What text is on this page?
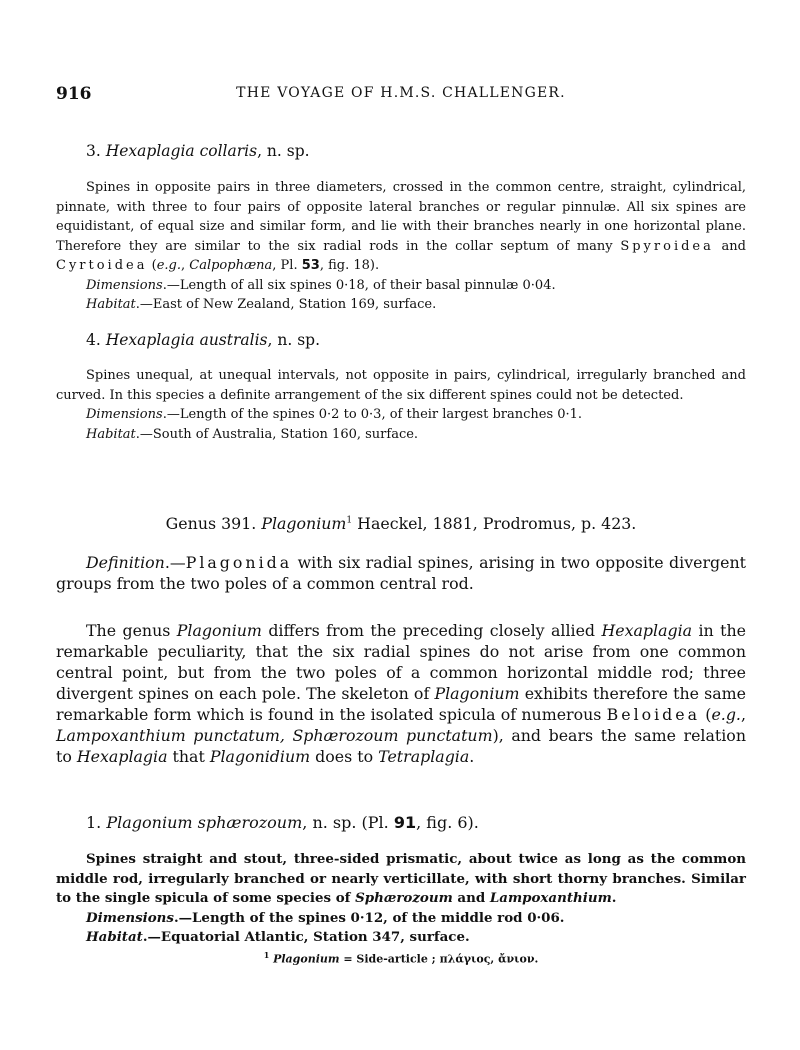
916	THE VOYAGE OF H.M.S. CHALLENGER.
3. Hexaplagia collaris, n. sp.

Spines in opposite pairs in three diameters, crossed in the common centre, straight, cylindrical, pinnate, with three to four pairs of opposite lateral branches or regular pinnulæ. All six spines are equidistant, of equal size and similar form, and lie with their branches nearly in one horizontal plane. Therefore they are similar to the six radial rods in the collar septum of many Spyroidea and Cyrtoidea (e.g., Calpophæna, Pl. 53, fig. 18).

Dimensions.—Length of all six spines 0·18, of their basal pinnulæ 0·04.

Habitat.—East of New Zealand, Station 169, surface.

4. Hexaplagia australis, n. sp.

Spines unequal, at unequal intervals, not opposite in pairs, cylindrical, irregularly branched and curved. In this species a definite arrangement of the six different spines could not be detected.

Dimensions.—Length of the spines 0·2 to 0·3, of their largest branches 0·1.

Habitat.—South of Australia, Station 160, surface.

Genus 391. Plagonium$^1$ Haeckel, 1881, Prodromus, p. 423.

Definition.—Plagonida with six radial spines, arising in two opposite divergent groups from the two poles of a common central rod.

The genus Plagonium differs from the preceding closely allied Hexaplagia in the remarkable peculiarity, that the six radial spines do not arise from one common central point, but from the two poles of a common horizontal middle rod; three divergent spines on each pole. The skeleton of Plagonium exhibits therefore the same remarkable form which is found in the isolated spicula of numerous Beloidea (e.g., Lampoxanthium punctatum, Sphærozoum punctatum), and bears the same relation to Hexaplagia that Plagonidium does to Tetraplagia.

1. Plagonium sphærozoum, n. sp. (Pl. 91, fig. 6).

Spines straight and stout, three-sided prismatic, about twice as long as the common middle rod, irregularly branched or nearly verticillate, with short thorny branches. Similar to the single spicula of some species of Sphærozoum and Lampoxanthium.

Dimensions.—Length of the spines 0·12, of the middle rod 0·06.

Habitat.—Equatorial Atlantic, Station 347, surface.

$^1$ Plagonium = Side-article ; πλάγιος, ἄνιον.
